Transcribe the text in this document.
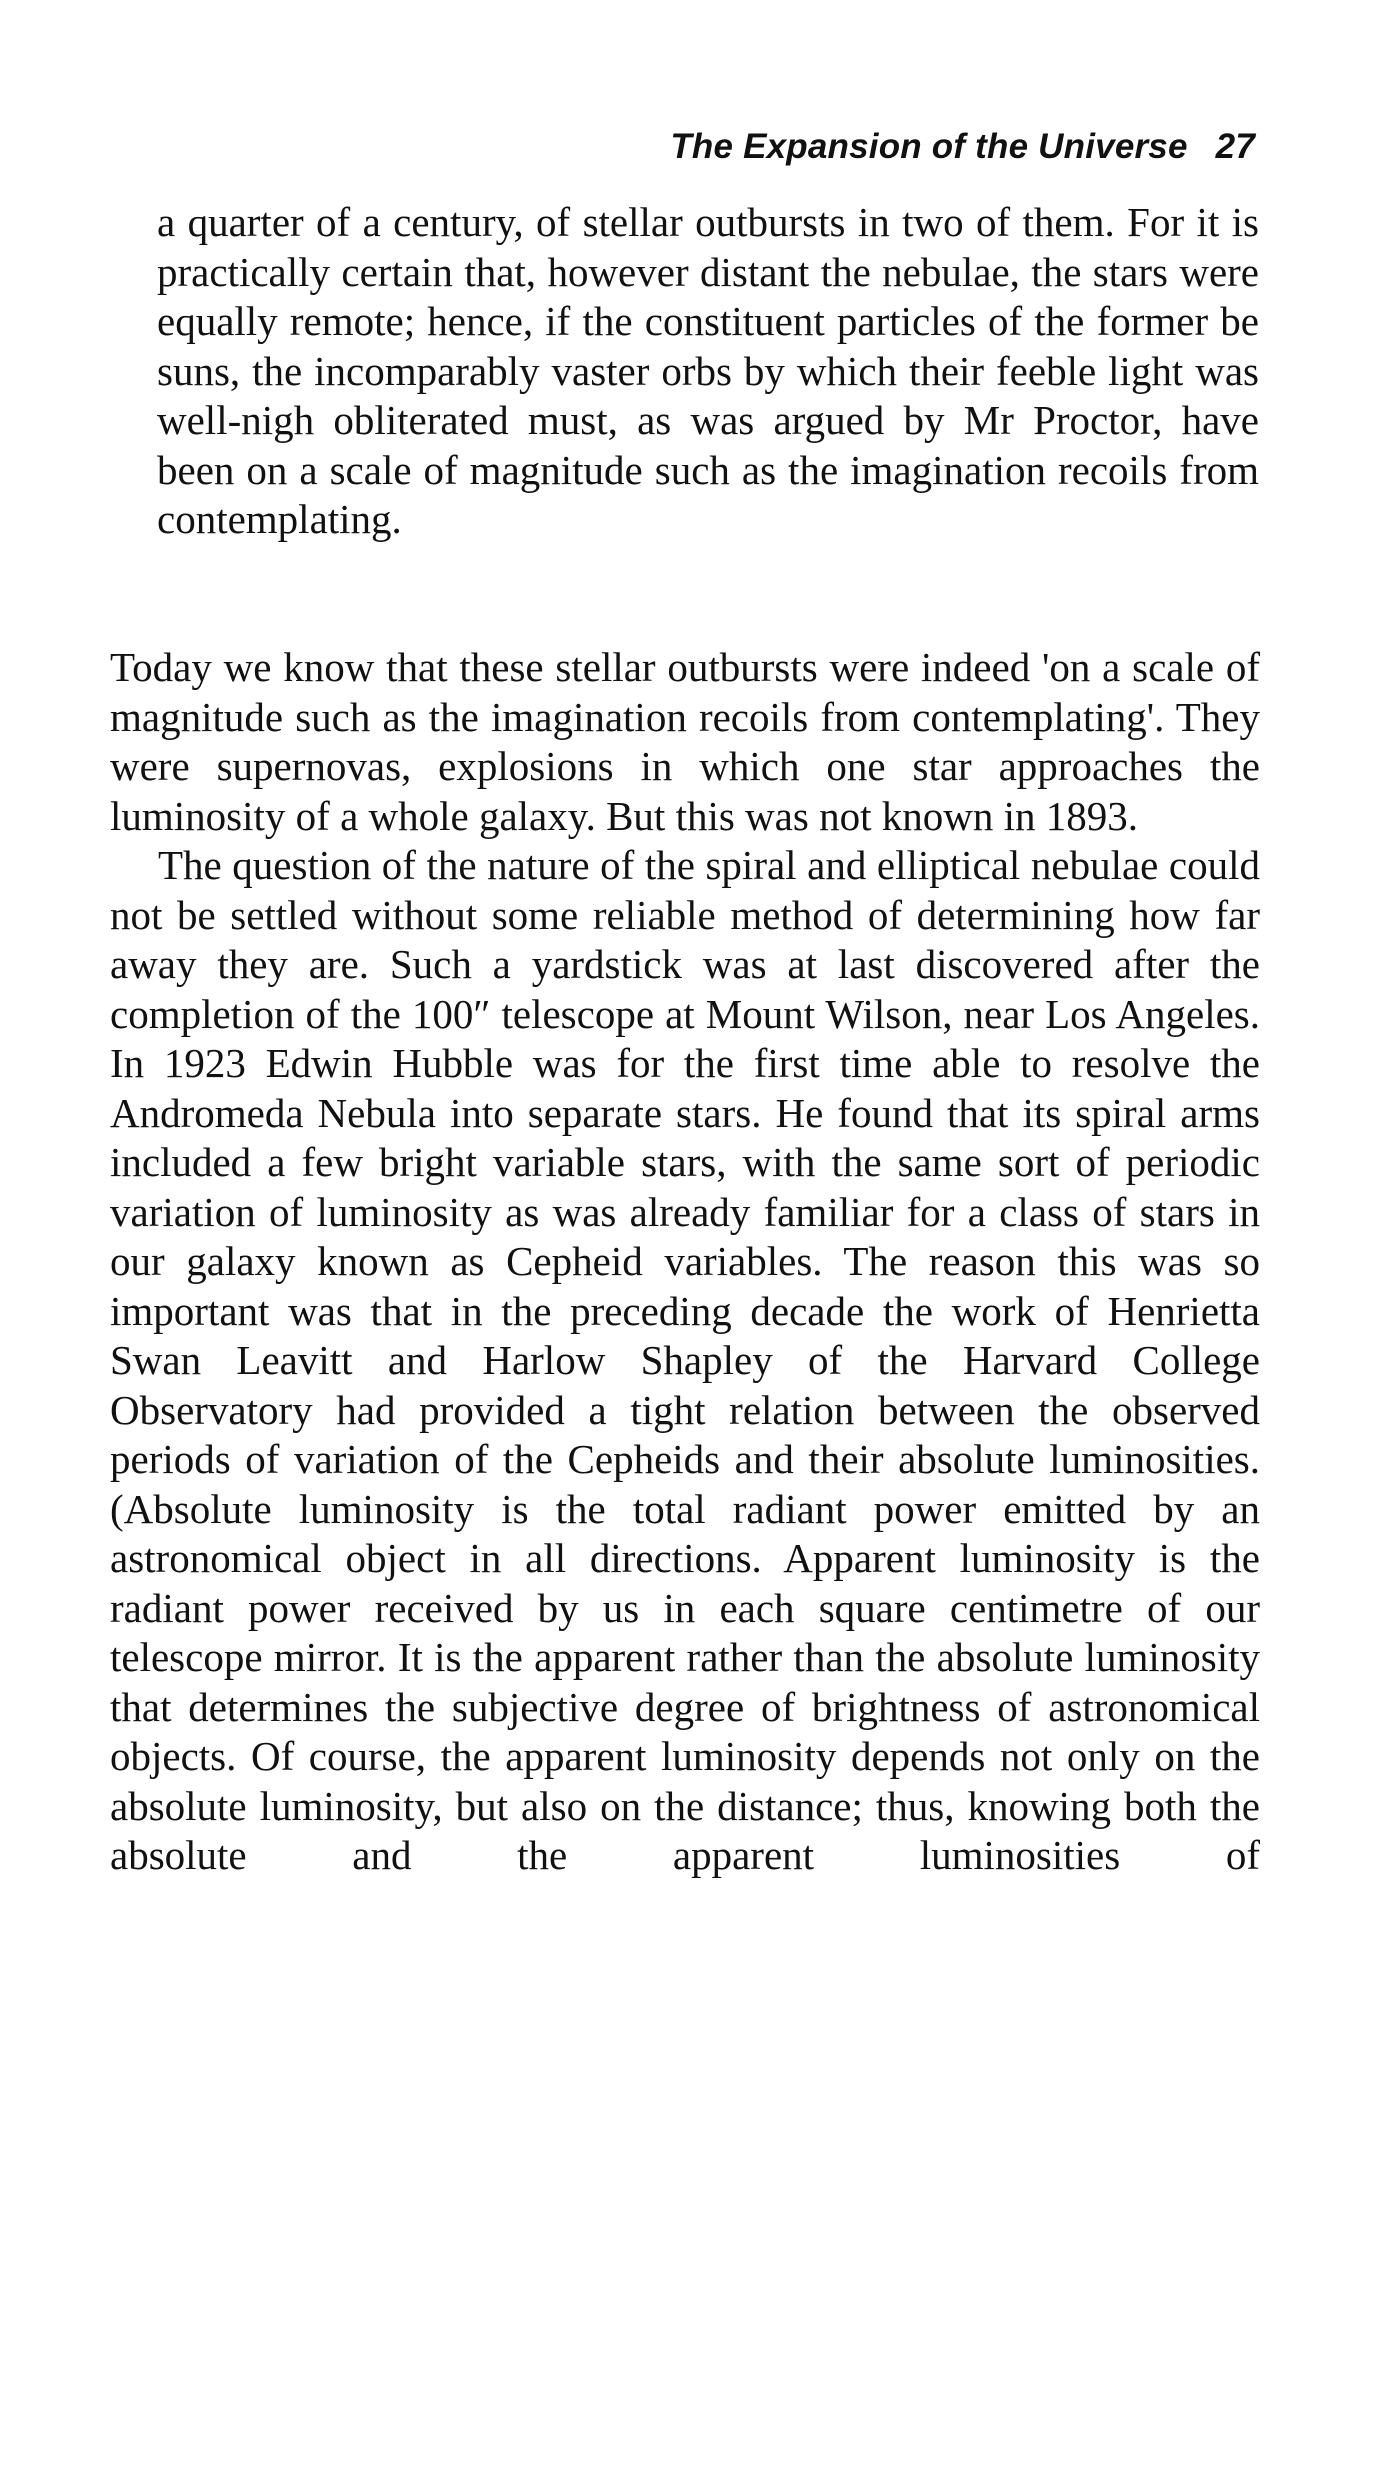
The Expansion of the Universe 27

a quarter of a century, of stellar outbursts in two of them. For it is practically certain that, however distant the nebulae, the stars were equally remote; hence, if the constituent particles of the former be suns, the incomparably vaster orbs by which their feeble light was well-nigh obliterated must, as was argued by Mr Proctor, have been on a scale of magnitude such as the imagination recoils from contemplating.

Today we know that these stellar outbursts were indeed 'on a scale of magnitude such as the imagination recoils from contemplating'. They were supernovas, explosions in which one star approaches the luminosity of a whole galaxy. But this was not known in 1893.

The question of the nature of the spiral and elliptical nebulae could not be settled without some reliable method of determining how far away they are. Such a yardstick was at last discovered after the completion of the 100″ telescope at Mount Wilson, near Los Angeles. In 1923 Edwin Hubble was for the first time able to resolve the Andromeda Nebula into separate stars. He found that its spiral arms included a few bright variable stars, with the same sort of periodic variation of luminosity as was already familiar for a class of stars in our galaxy known as Cepheid variables. The reason this was so important was that in the preceding decade the work of Henrietta Swan Leavitt and Harlow Shapley of the Harvard College Observatory had provided a tight relation between the observed periods of variation of the Cepheids and their absolute luminosities. (Absolute luminosity is the total radiant power emitted by an astronomical object in all directions. Apparent luminosity is the radiant power received by us in each square centimetre of our telescope mirror. It is the apparent rather than the absolute luminosity that determines the subjective degree of brightness of astronomical objects. Of course, the apparent luminosity depends not only on the absolute luminosity, but also on the distance; thus, knowing both the absolute and the apparent luminosities of
